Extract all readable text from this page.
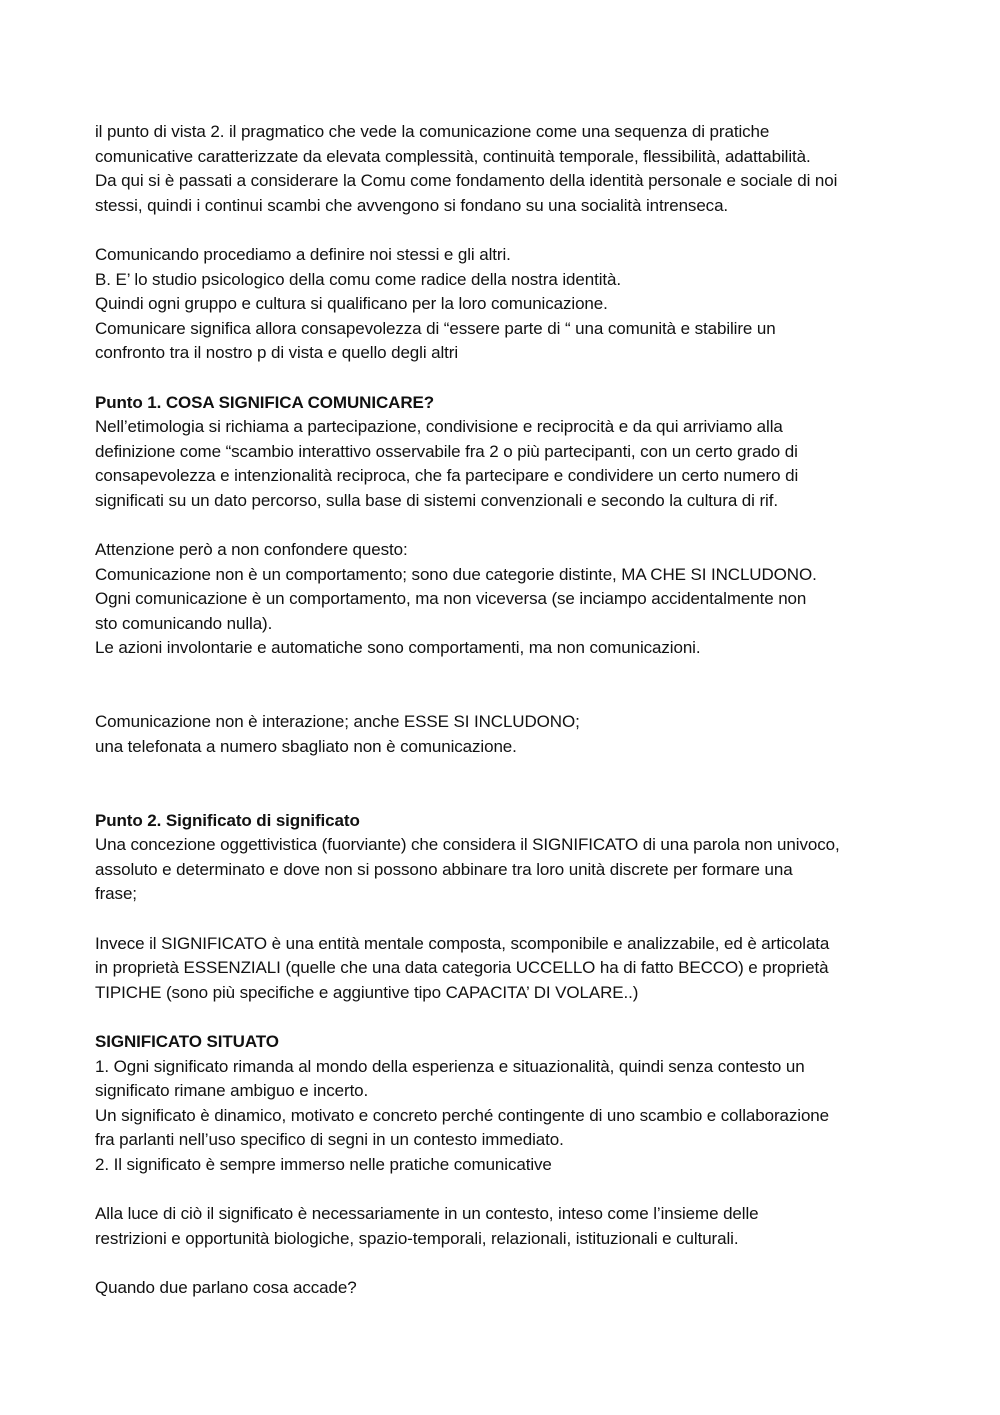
il punto di vista 2. il pragmatico che vede la comunicazione come una sequenza di pratiche

comunicative caratterizzate da elevata complessità, continuità temporale, flessibilità, adattabilità.

Da qui si è passati a considerare la Comu come fondamento della identità personale e sociale di noi

stessi, quindi i continui scambi che avvengono si fondano su una socialità intrenseca.

Comunicando procediamo a definire noi stessi e gli altri.

B. E’ lo studio psicologico della comu come radice della nostra identità.

Quindi ogni gruppo e cultura si qualificano per la loro comunicazione.

Comunicare significa allora consapevolezza di “essere parte di “ una comunità e stabilire un

confronto tra il nostro p di vista e quello degli altri

Punto 1. COSA SIGNIFICA COMUNICARE?

Nell’etimologia si richiama a partecipazione, condivisione e reciprocità e da qui arriviamo alla

definizione come “scambio interattivo osservabile fra 2 o più partecipanti, con un certo grado di

consapevolezza e intenzionalità reciproca, che fa partecipare e condividere un certo numero di

significati su un dato percorso, sulla base di sistemi convenzionali e secondo la cultura di rif.

Attenzione però a non confondere questo:

Comunicazione non è un comportamento; sono due categorie distinte, MA CHE SI INCLUDONO.

Ogni comunicazione è un comportamento, ma non viceversa (se inciampo accidentalmente non

sto comunicando nulla).

Le azioni involontarie e automatiche sono comportamenti, ma non comunicazioni.

Comunicazione non è interazione; anche ESSE SI INCLUDONO;

una telefonata a numero sbagliato non è comunicazione.

Punto 2. Significato di significato

Una concezione oggettivistica (fuorviante) che considera il SIGNIFICATO di una parola non univoco,

assoluto e determinato e dove non si possono abbinare tra loro unità discrete per formare una

frase;

Invece il SIGNIFICATO è una entità mentale composta, scomponibile e analizzabile, ed è articolata

in proprietà ESSENZIALI (quelle che una data categoria UCCELLO ha di fatto BECCO) e proprietà

TIPICHE (sono più specifiche e aggiuntive tipo CAPACITA’ DI VOLARE..)

SIGNIFICATO SITUATO

1. Ogni significato rimanda al mondo della esperienza e situazionalità, quindi senza contesto un

significato rimane ambiguo e incerto.

Un significato è dinamico, motivato e concreto perché contingente di uno scambio e collaborazione

fra parlanti nell’uso specifico di segni in un contesto immediato.

2. Il significato è sempre immerso nelle pratiche comunicative

Alla luce di ciò il significato è necessariamente in un contesto, inteso come l’insieme delle

restrizioni e opportunità biologiche, spazio-temporali, relazionali, istituzionali e culturali.

Quando due parlano cosa accade?
